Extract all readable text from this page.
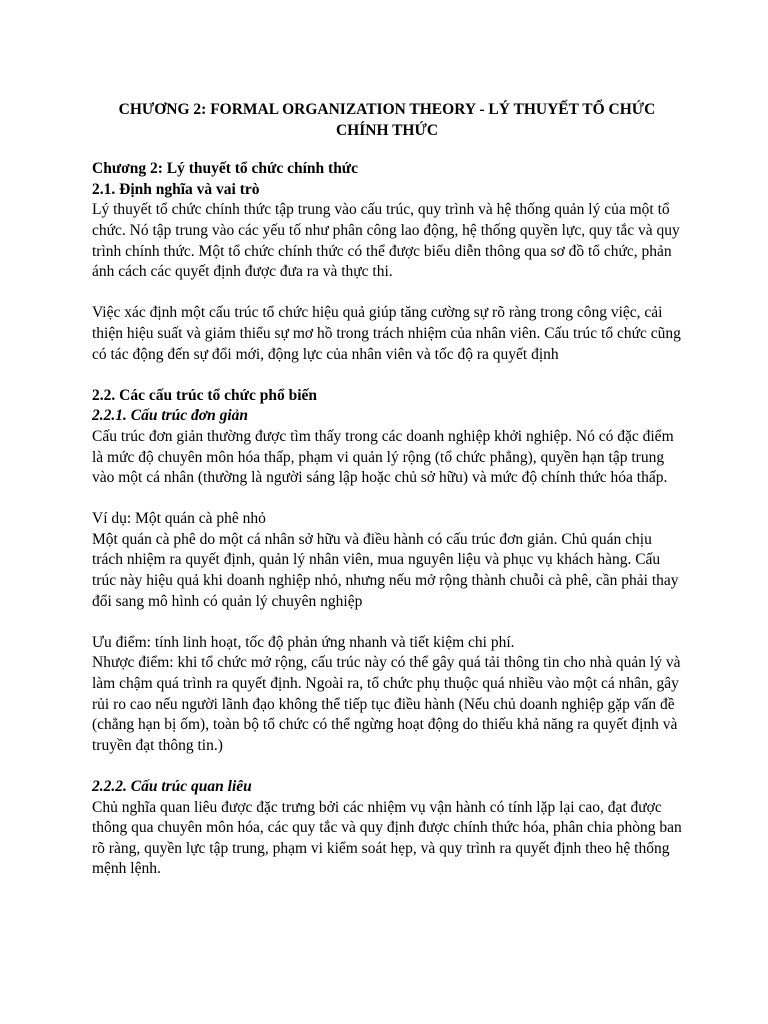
CHƯƠNG 2: FORMAL ORGANIZATION THEORY - LÝ THUYẾT TỔ CHỨC CHÍNH THỨC

Chương 2: Lý thuyết tổ chức chính thức

2.1. Định nghĩa và vai trò

Lý thuyết tổ chức chính thức tập trung vào cấu trúc, quy trình và hệ thống quản lý của một tổ chức. Nó tập trung vào các yếu tố như phân công lao động, hệ thống quyền lực, quy tắc và quy trình chính thức. Một tổ chức chính thức có thể được biểu diễn thông qua sơ đồ tổ chức, phản ánh cách các quyết định được đưa ra và thực thi.

Việc xác định một cấu trúc tổ chức hiệu quả giúp tăng cường sự rõ ràng trong công việc, cải thiện hiệu suất và giảm thiểu sự mơ hồ trong trách nhiệm của nhân viên. Cấu trúc tổ chức cũng có tác động đến sự đổi mới, động lực của nhân viên và tốc độ ra quyết định

2.2. Các cấu trúc tổ chức phổ biến

2.2.1. Cấu trúc đơn giản

Cấu trúc đơn giản thường được tìm thấy trong các doanh nghiệp khởi nghiệp. Nó có đặc điểm là mức độ chuyên môn hóa thấp, phạm vi quản lý rộng (tổ chức phẳng), quyền hạn tập trung vào một cá nhân (thường là người sáng lập hoặc chủ sở hữu) và mức độ chính thức hóa thấp.

Ví dụ: Một quán cà phê nhỏ

Một quán cà phê do một cá nhân sở hữu và điều hành có cấu trúc đơn giản. Chủ quán chịu trách nhiệm ra quyết định, quản lý nhân viên, mua nguyên liệu và phục vụ khách hàng. Cấu trúc này hiệu quả khi doanh nghiệp nhỏ, nhưng nếu mở rộng thành chuỗi cà phê, cần phải thay đổi sang mô hình có quản lý chuyên nghiệp

Ưu điểm: tính linh hoạt, tốc độ phản ứng nhanh và tiết kiệm chi phí.

Nhược điểm: khi tổ chức mở rộng, cấu trúc này có thể gây quá tải thông tin cho nhà quản lý và làm chậm quá trình ra quyết định. Ngoài ra, tổ chức phụ thuộc quá nhiều vào một cá nhân, gây rủi ro cao nếu người lãnh đạo không thể tiếp tục điều hành (Nếu chủ doanh nghiệp gặp vấn đề (chẳng hạn bị ốm), toàn bộ tổ chức có thể ngừng hoạt động do thiếu khả năng ra quyết định và truyền đạt thông tin.)

2.2.2. Cấu trúc quan liêu

Chủ nghĩa quan liêu được đặc trưng bởi các nhiệm vụ vận hành có tính lặp lại cao, đạt được thông qua chuyên môn hóa, các quy tắc và quy định được chính thức hóa, phân chia phòng ban rõ ràng, quyền lực tập trung, phạm vi kiểm soát hẹp, và quy trình ra quyết định theo hệ thống mệnh lệnh.
